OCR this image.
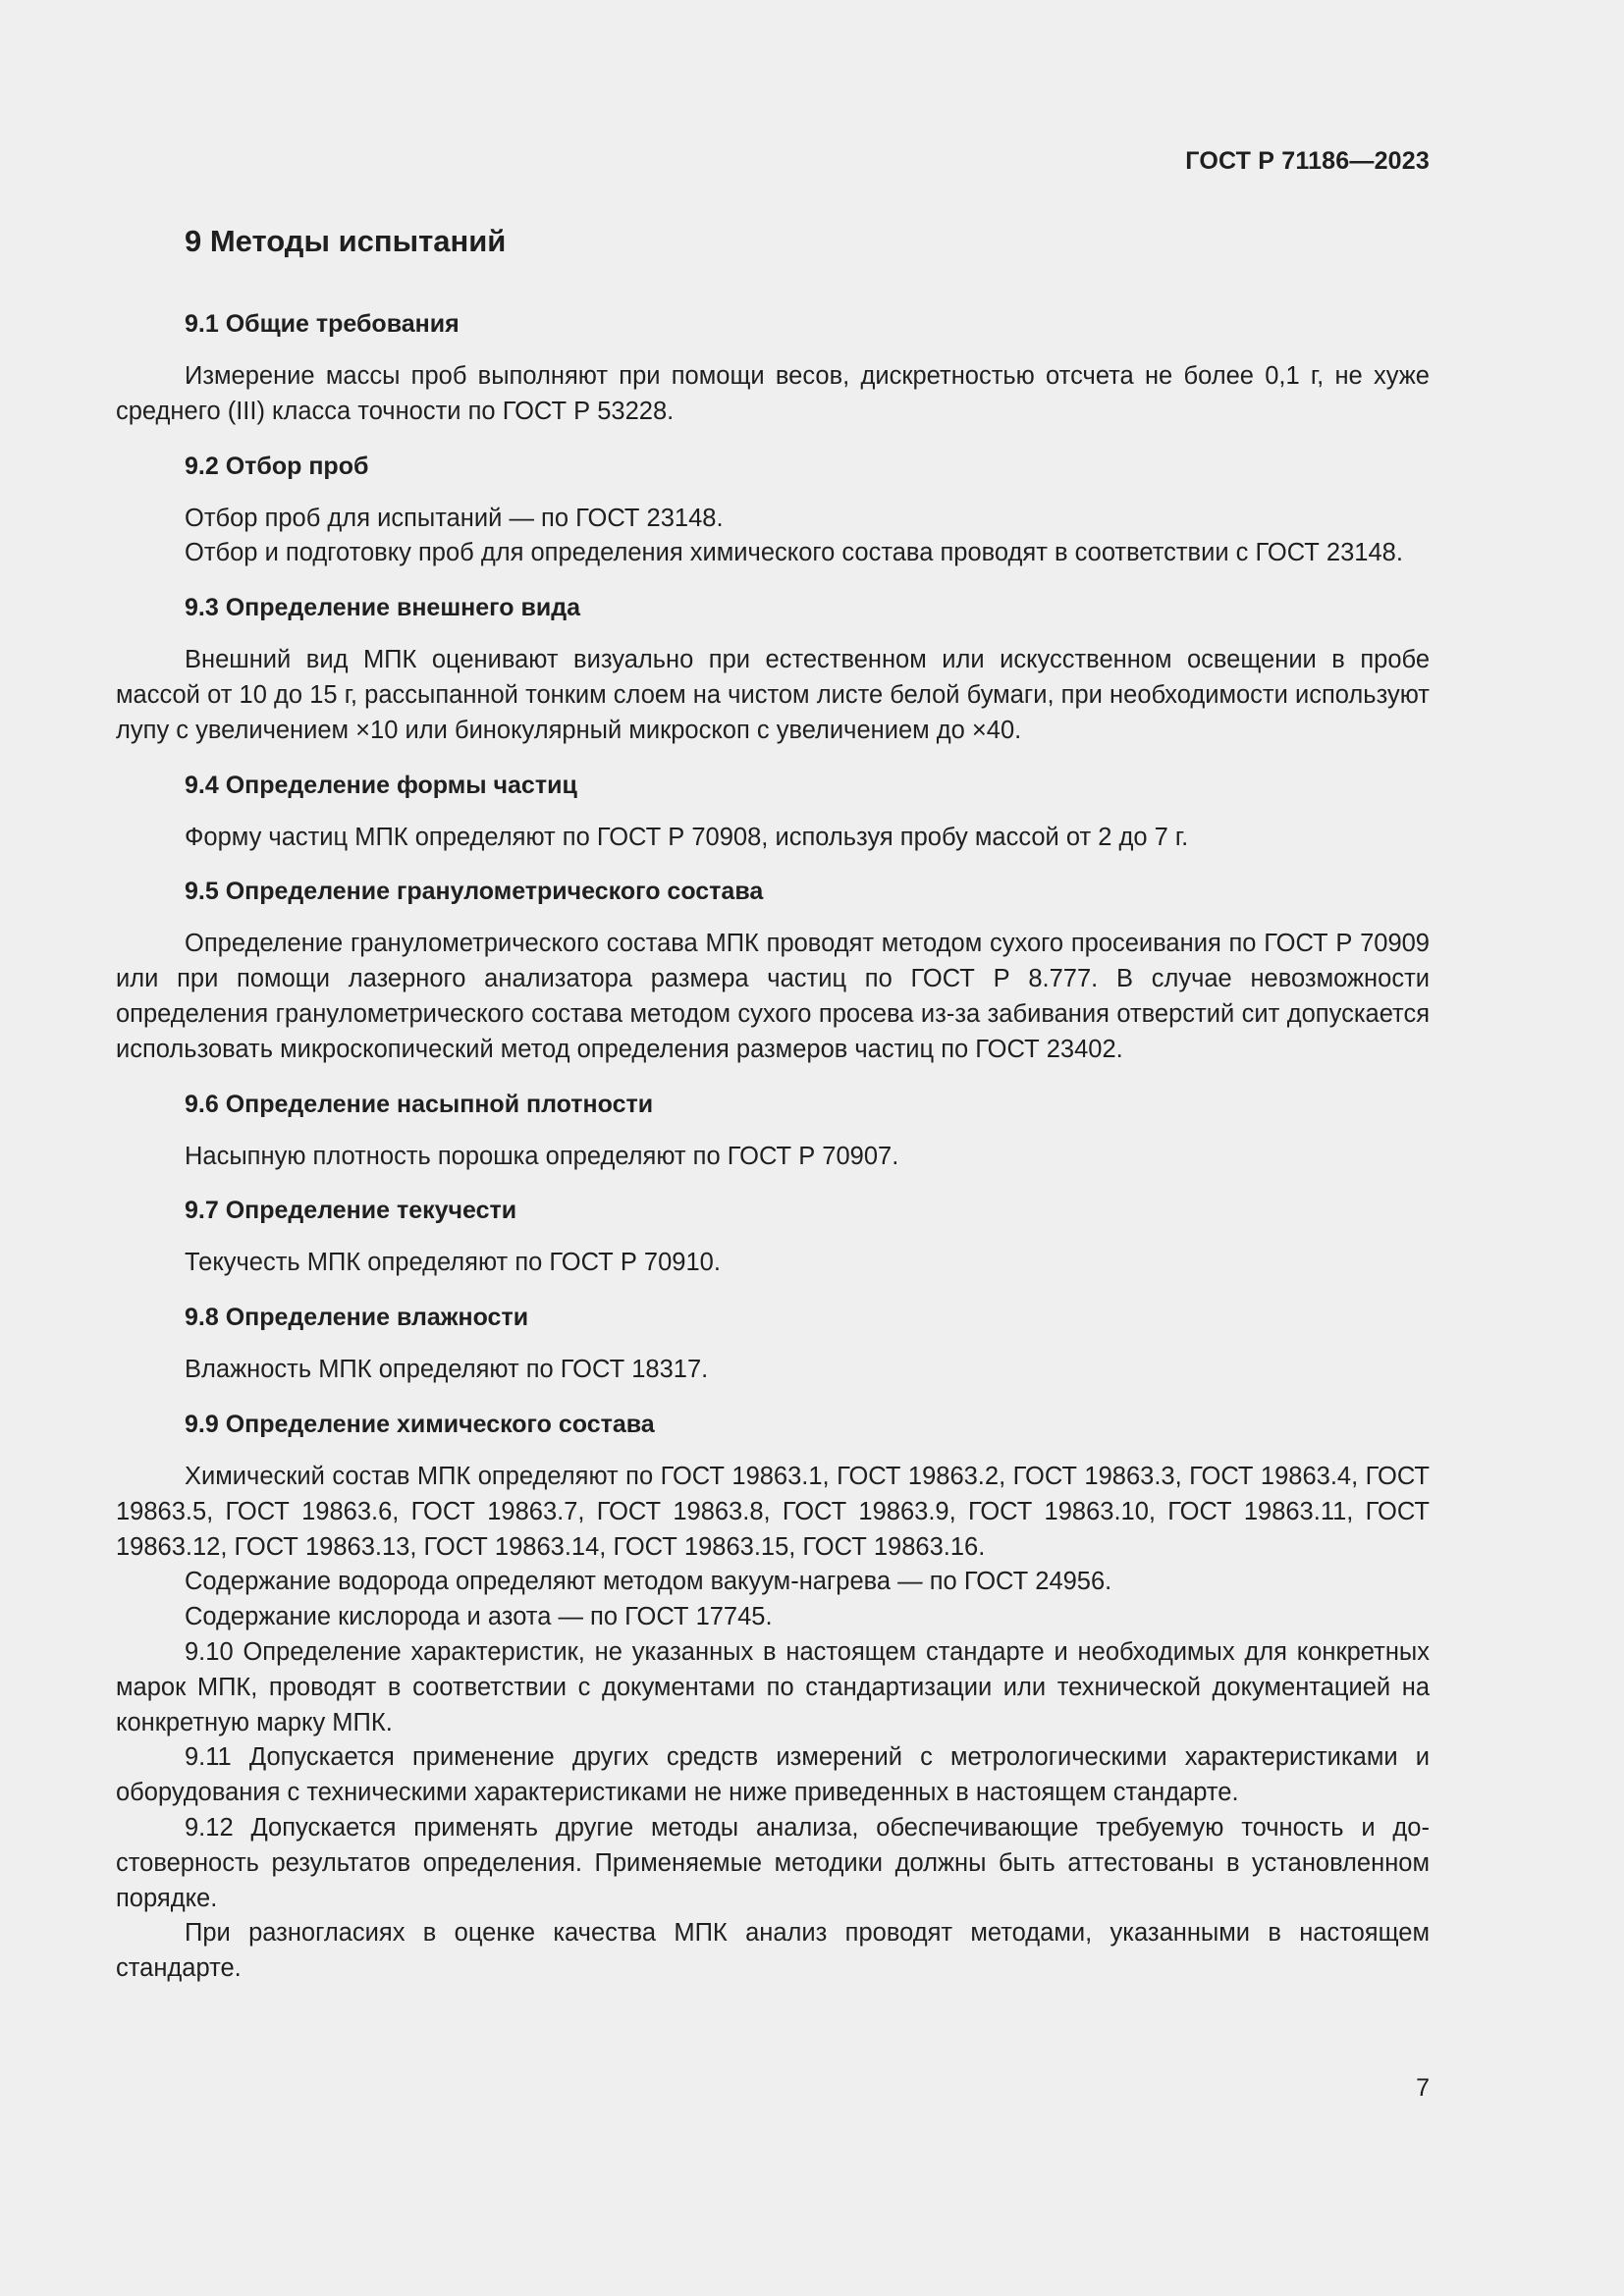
ГОСТ Р 71186—2023
9 Методы испытаний
9.1 Общие требования

Измерение массы проб выполняют при помощи весов, дискретностью отсчета не более 0,1 г, не хуже среднего (III) класса точности по ГОСТ Р 53228.

9.2 Отбор проб

Отбор проб для испытаний — по ГОСТ 23148.

Отбор и подготовку проб для определения химического состава проводят в соответствии с ГОСТ 23148.

9.3 Определение внешнего вида

Внешний вид МПК оценивают визуально при естественном или искусственном освещении в пробе массой от 10 до 15 г, рассыпанной тонким слоем на чистом листе белой бумаги, при необходимости используют лупу с увеличением ×10 или бинокулярный микроскоп с увеличением до ×40.

9.4 Определение формы частиц

Форму частиц МПК определяют по ГОСТ Р 70908, используя пробу массой от 2 до 7 г.

9.5 Определение гранулометрического состава

Определение гранулометрического состава МПК проводят методом сухого просеивания по ГОСТ Р 70909 или при помощи лазерного анализатора размера частиц по ГОСТ Р 8.777. В случае невозможности определения гранулометрического состава методом сухого просева из-за забивания отверстий сит допускается использовать микроскопический метод определения размеров частиц по ГОСТ 23402.

9.6 Определение насыпной плотности

Насыпную плотность порошка определяют по ГОСТ Р 70907.

9.7 Определение текучести

Текучесть МПК определяют по ГОСТ Р 70910.

9.8 Определение влажности

Влажность МПК определяют по ГОСТ 18317.

9.9 Определение химического состава

Химический состав МПК определяют по ГОСТ 19863.1, ГОСТ 19863.2, ГОСТ 19863.3, ГОСТ 19863.4, ГОСТ 19863.5, ГОСТ 19863.6, ГОСТ 19863.7, ГОСТ 19863.8, ГОСТ 19863.9, ГОСТ 19863.10, ГОСТ 19863.11, ГОСТ 19863.12, ГОСТ 19863.13, ГОСТ 19863.14, ГОСТ 19863.15, ГОСТ 19863.16.

Содержание водорода определяют методом вакуум-нагрева — по ГОСТ 24956.

Содержание кислорода и азота — по ГОСТ 17745.

9.10 Определение характеристик, не указанных в настоящем стандарте и необходимых для конкретных марок МПК, проводят в соответствии с документами по стандартизации или технической документацией на конкретную марку МПК.

9.11 Допускается применение других средств измерений с метрологическими характеристиками и оборудования с техническими характеристиками не ниже приведенных в настоящем стандарте.

9.12 Допускается применять другие методы анализа, обеспечивающие требуемую точность и достоверность результатов определения. Применяемые методики должны быть аттестованы в установленном порядке.

При разногласиях в оценке качества МПК анализ проводят методами, указанными в настоящем стандарте.

7
